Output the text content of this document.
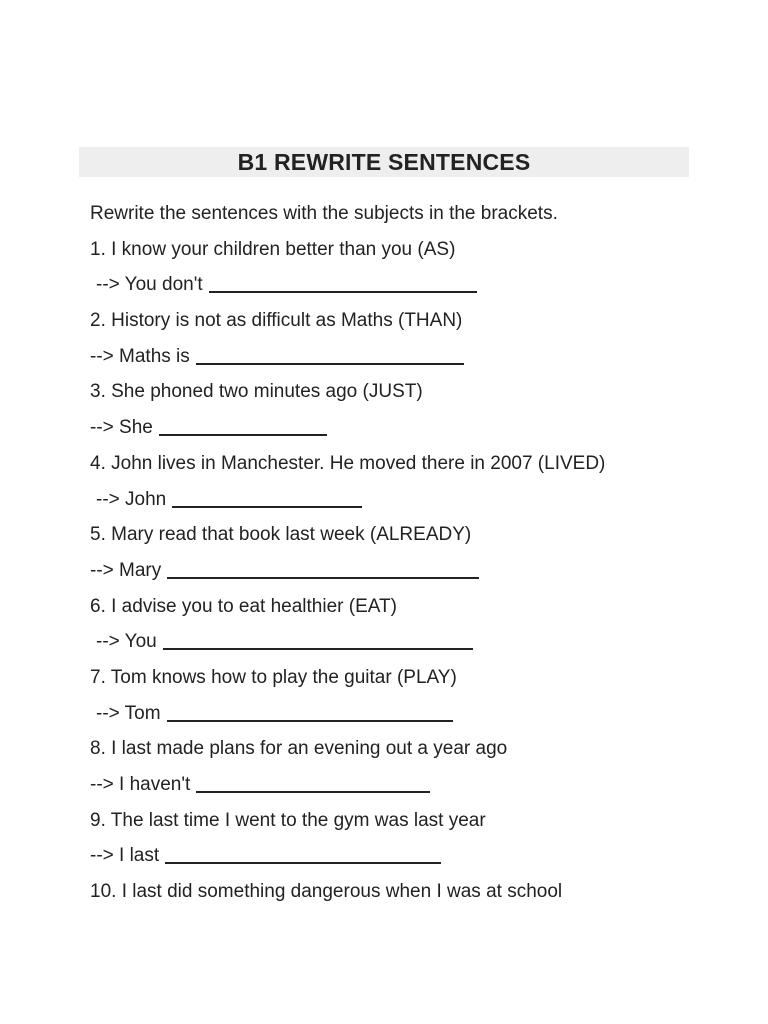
B1 REWRITE SENTENCES
Rewrite the sentences with the subjects in the brackets.
1. I know your children better than you (AS)
--> You don't
2. History is not as difficult as Maths (THAN)
--> Maths is
3. She phoned two minutes ago (JUST)
--> She
4. John lives in Manchester. He moved there in 2007 (LIVED)
--> John
5. Mary read that book last week (ALREADY)
--> Mary
6. I advise you to eat healthier (EAT)
--> You
7. Tom knows how to play the guitar (PLAY)
--> Tom
8. I last made plans for an evening out a year ago
--> I haven't
9. The last time I went to the gym was last year
--> I last
10. I last did something dangerous when I was at school
